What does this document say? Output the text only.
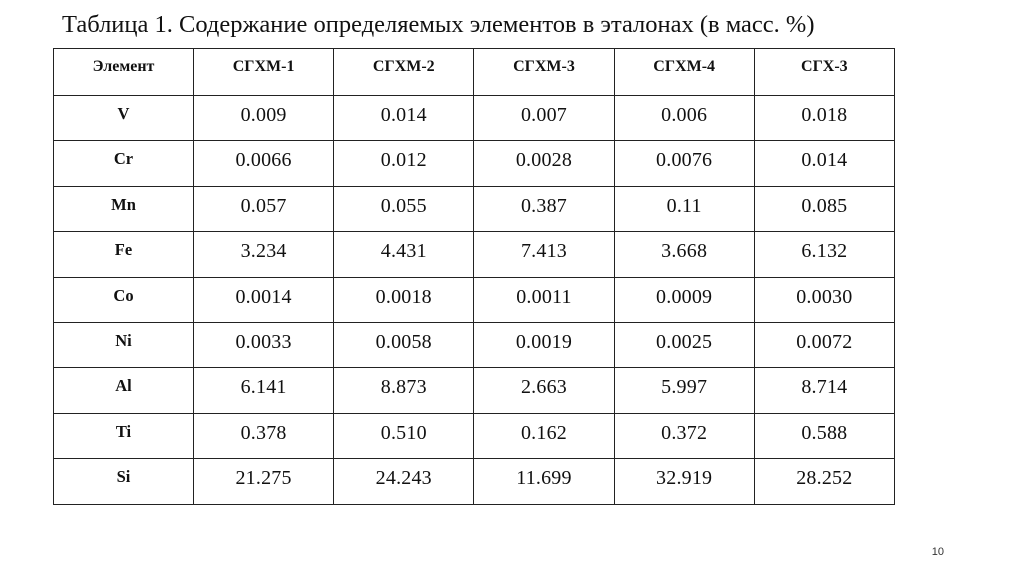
Таблица 1. Содержание определяемых элементов в эталонах (в масс. %)
Элемент	СГХМ-1	СГХМ-2	СГХМ-3	СГХМ-4	СГХ-3
V	0.009	0.014	0.007	0.006	0.018
Cr	0.0066	0.012	0.0028	0.0076	0.014
Mn	0.057	0.055	0.387	0.11	0.085
Fe	3.234	4.431	7.413	3.668	6.132
Co	0.0014	0.0018	0.0011	0.0009	0.0030
Ni	0.0033	0.0058	0.0019	0.0025	0.0072
Al	6.141	8.873	2.663	5.997	8.714
Ti	0.378	0.510	0.162	0.372	0.588
Si	21.275	24.243	11.699	32.919	28.252
10
